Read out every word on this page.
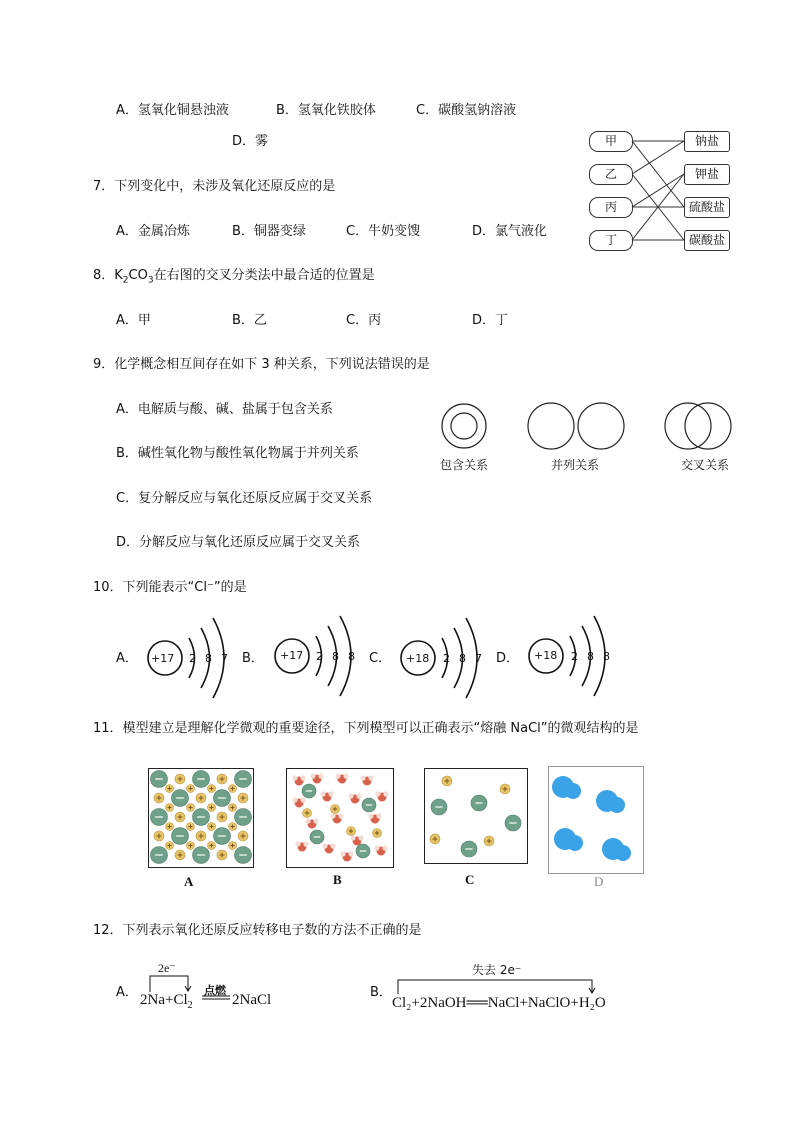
A．氢氧化铜悬浊液	B．氢氧化铁胶体	C．碳酸氢钠溶液
D．雾	甲
乙
丙
丁
钠盐
钾盐
硫酸盐
碳酸盐
7．下列变化中，未涉及氧化还原反应的是
A．金属冶炼	B．铜器变绿	C．牛奶变馊	D．氯气液化
8．$K_2CO_3$在右图的交叉分类法中最合适的位置是
A．甲	B．乙	C．丙	D．丁
9．化学概念相互间存在如下 3 种关系，下列说法错误的是
A．电解质与酸、碱、盐属于包含关系
B．碱性氧化物与酸性氧化物属于并列关系
C．复分解反应与氧化还原反应属于交叉关系
D．分解反应与氧化还原反应属于交叉关系
包含关系	并列关系	交叉关系
10．下列能表示“Cl⁻”的是
A． +17 2 8 7 B． +17 2 8 8 C． +18 2 8 7 D． +18 2 8 8
11．模型建立是理解化学微观的重要途径，下列模型可以正确表示“熔融 NaCl”的微观结构的是
A	B	C	D
12．下列表示氧化还原反应转移电子数的方法不正确的是
A．
2e⁻
点燃
$2Na+Cl_2$	2NaCl	B．
失去 2e⁻
Cl₂+2NaOH══NaCl+NaClO+H₂O
